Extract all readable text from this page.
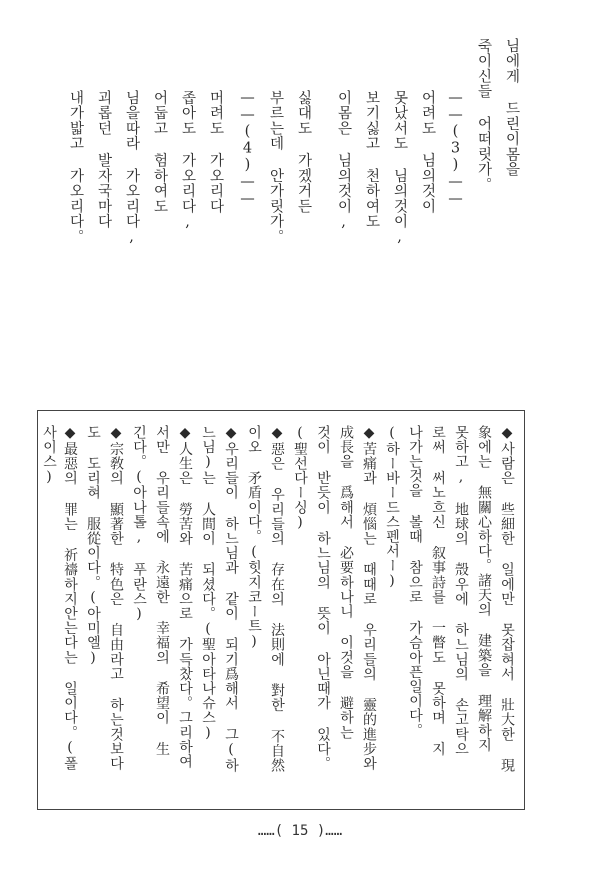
님에게 드린이몸을
죽이신들 어떠릿가。
——(3)——
어려도 님의것이
못났서도 님의것이,
보기싫고 천하여도
이몸은 님의것이,
싫대도 가겠거든
부르는데 안가릿가。
——(4)——
머려도 가오리다
좁아도 가오리다,
어둡고 험하여도
님을따라 가오리다,
괴롭던 발자국마다
내가밟고 가오리다。
◆사람은 些細한 일에만 못잡혀서 壯大한 現
象에는 無關心하다。諸天의 建築을 理解하지
못하고, 地球의 殼우에 하느님의 손고탁으
로써 써노흐신 叙事詩를 一瞥도 못하며 지
나가는것을 볼때 참으로 가슴아픈일이다。
(하ー바ー드스펜서ー)
◆苦痛과 煩惱는 때때로 우리들의 靈的進步와
成長을 爲해서 必要하나니 이것을 避하는
것이 반듯이 하느님의 뜻이 아닌때가 있다。
(聖선다ー싱)
◆惡은 우리들의 存在의 法則에 對한 不自然
이오 矛盾이다。(힛지코ー트)
◆우리들이 하느님과 같이 되기爲해서 그(하
느님)는 人間이 되셨다。(聖아타나슈스)
◆人生은 勞苦와 苦痛으로 가득찼다。그리하여
서만 우리들속에 永遠한 幸福의 希望이 生
긴다。(아나톨, 푸란스)
◆宗敎의 顯著한 特色은 自由라고 하는것보다
도 도리혀 服從이다。(아미엘)
◆最惡의 罪는 祈禱하지안는다는 일이다。(폴
사이스)
……( 15 )……
